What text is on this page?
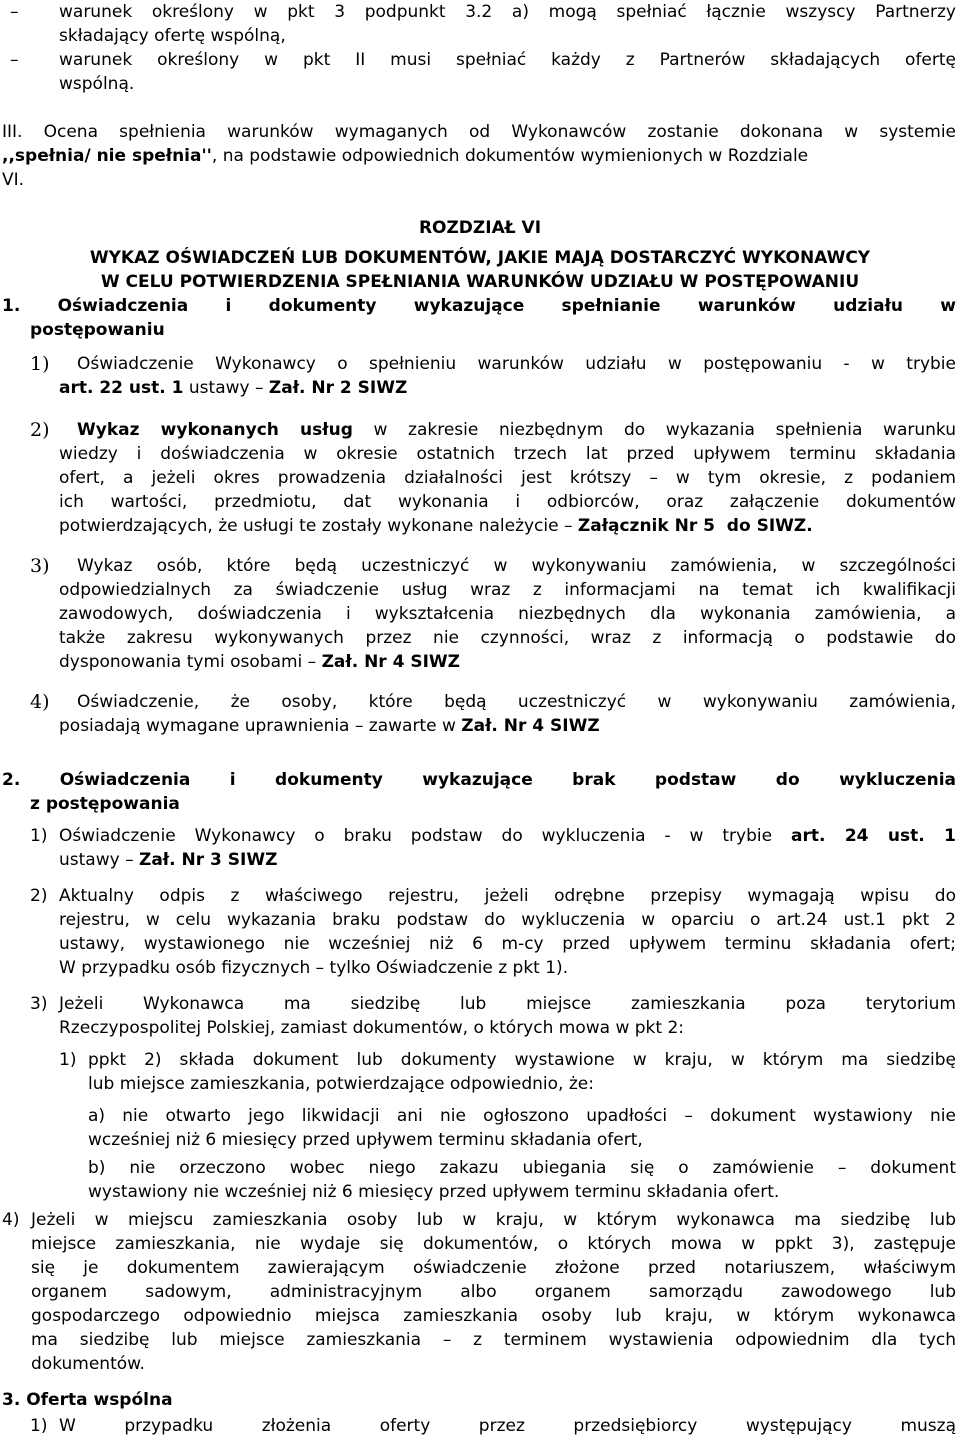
– warunek określony w pkt 3 podpunkt 3.2 a) mogą spełniać łącznie wszyscy Partnerzy
składający ofertę wspólną,
– warunek określony w pkt II musi spełniać każdy z Partnerów składających ofertę
wspólną.
III. Ocena spełnienia warunków wymaganych od Wykonawców zostanie dokonana w systemie
,,spełnia/ nie spełnia'', na podstawie odpowiednich dokumentów wymienionych w Rozdziale
VI.
ROZDZIAŁ VI
WYKAZ OŚWIADCZEŃ LUB DOKUMENTÓW, JAKIE MAJĄ DOSTARCZYĆ WYKONAWCY
W CELU POTWIERDZENIA SPEŁNIANIA WARUNKÓW UDZIAŁU W POSTĘPOWANIU
1. Oświadczenia i dokumenty wykazujące spełnianie warunków udziału w
postępowaniu
1) Oświadczenie Wykonawcy o spełnieniu warunków udziału w postępowaniu - w trybie
art. 22 ust. 1 ustawy – Zał. Nr 2 SIWZ
2) Wykaz wykonanych usług w zakresie niezbędnym do wykazania spełnienia warunku
wiedzy i doświadczenia w okresie ostatnich trzech lat przed upływem terminu składania
ofert, a jeżeli okres prowadzenia działalności jest krótszy – w tym okresie, z podaniem
ich wartości, przedmiotu, dat wykonania i odbiorców, oraz załączenie dokumentów
potwierdzających, że usługi te zostały wykonane należycie – Załącznik Nr 5  do SIWZ.
3) Wykaz osób, które będą uczestniczyć w wykonywaniu zamówienia, w szczególności
odpowiedzialnych za świadczenie usług wraz z informacjami na temat ich kwalifikacji
zawodowych, doświadczenia i wykształcenia niezbędnych dla wykonania zamówienia, a
także zakresu wykonywanych przez nie czynności, wraz z informacją o podstawie do
dysponowania tymi osobami – Zał. Nr 4 SIWZ
4) Oświadczenie, że osoby, które będą uczestniczyć w wykonywaniu zamówienia,
posiadają wymagane uprawnienia – zawarte w Zał. Nr 4 SIWZ
2. Oświadczenia i dokumenty wykazujące brak podstaw do wykluczenia
z postępowania
1) Oświadczenie Wykonawcy o braku podstaw do wykluczenia - w trybie art. 24 ust. 1
ustawy – Zał. Nr 3 SIWZ
2) Aktualny odpis z właściwego rejestru, jeżeli odrębne przepisy wymagają wpisu do
rejestru, w celu wykazania braku podstaw do wykluczenia w oparciu o art.24 ust.1 pkt 2
ustawy, wystawionego nie wcześniej niż 6 m-cy przed upływem terminu składania ofert;
W przypadku osób fizycznych – tylko Oświadczenie z pkt 1).
3) Jeżeli Wykonawca ma siedzibę lub miejsce zamieszkania poza terytorium
Rzeczypospolitej Polskiej, zamiast dokumentów, o których mowa w pkt 2:
1) ppkt 2) składa dokument lub dokumenty wystawione w kraju, w którym ma siedzibę
lub miejsce zamieszkania, potwierdzające odpowiednio, że:
a) nie otwarto jego likwidacji ani nie ogłoszono upadłości – dokument wystawiony nie
wcześniej niż 6 miesięcy przed upływem terminu składania ofert,
b) nie orzeczono wobec niego zakazu ubiegania się o zamówienie – dokument
wystawiony nie wcześniej niż 6 miesięcy przed upływem terminu składania ofert.
4) Jeżeli w miejscu zamieszkania osoby lub w kraju, w którym wykonawca ma siedzibę lub
miejsce zamieszkania, nie wydaje się dokumentów, o których mowa w ppkt 3), zastępuje
się je dokumentem zawierającym oświadczenie złożone przed notariuszem, właściwym
organem sadowym, administracyjnym albo organem samorządu zawodowego lub
gospodarczego odpowiednio miejsca zamieszkania osoby lub kraju, w którym wykonawca
ma siedzibę lub miejsce zamieszkania – z terminem wystawienia odpowiednim dla tych
dokumentów.
3. Oferta wspólna
1) W przypadku złożenia oferty przez przedsiębiorcy występujący muszą
